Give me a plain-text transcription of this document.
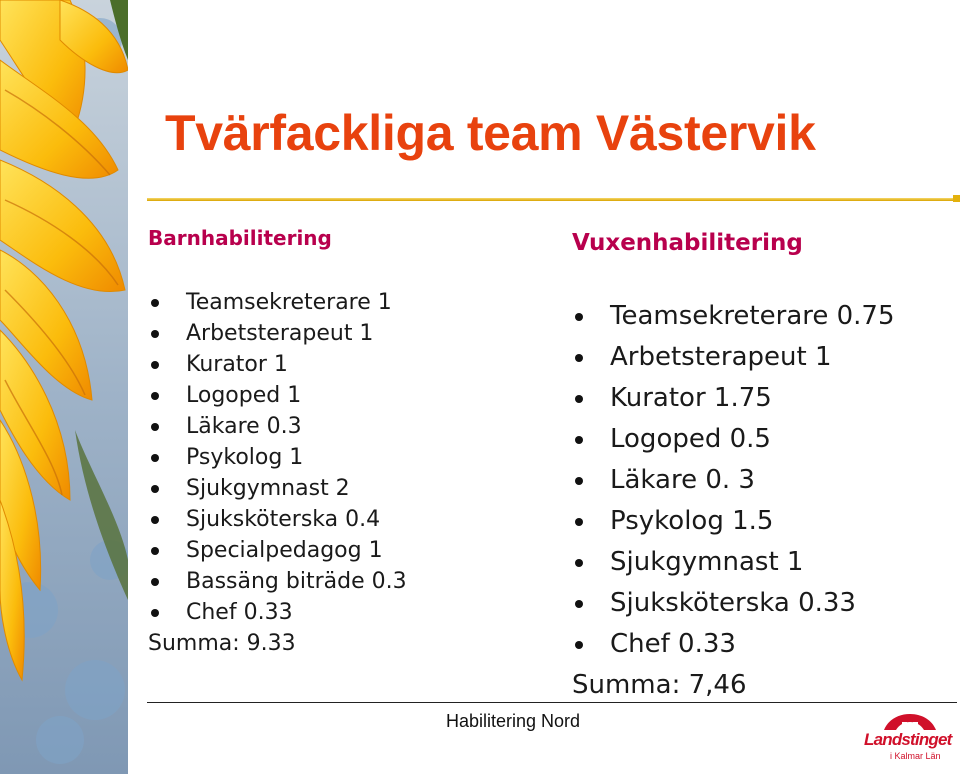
Tvärfackliga team Västervik
Barnhabilitering
Teamsekreterare 1
Arbetsterapeut 1
Kurator 1
Logoped 1
Läkare 0.3
Psykolog 1
Sjukgymnast 2
Sjuksköterska 0.4
Specialpedagog 1
Bassäng biträde 0.3
Chef 0.33

Summa: 9.33

Vuxenhabilitering
Teamsekreterare 0.75
Arbetsterapeut 1
Kurator 1.75
Logoped 0.5
Läkare 0. 3
Psykolog 1.5
Sjukgymnast 1
Sjuksköterska 0.33
Chef 0.33

Summa: 7,46

Habilitering Nord
Landstinget
i Kalmar Län
